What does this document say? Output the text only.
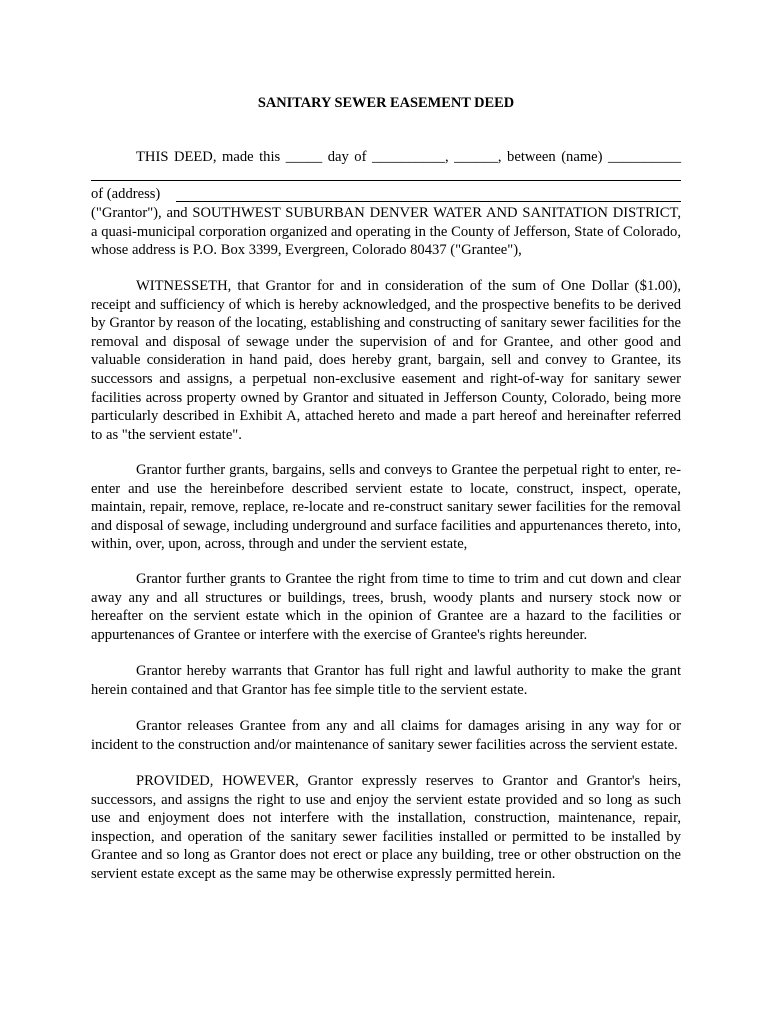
SANITARY SEWER EASEMENT DEED
THIS DEED, made this _____ day of __________, ______, between (name) __________
of (address)
("Grantor"), and SOUTHWEST SUBURBAN DENVER WATER AND SANITATION DISTRICT,
a quasi-municipal corporation organized and operating in the County of Jefferson, State of Colorado,
whose address is P.O. Box 3399, Evergreen, Colorado 80437 ("Grantee"),

WITNESSETH, that Grantor for and in consideration of the sum of One Dollar ($1.00), receipt and sufficiency of which is hereby acknowledged, and the prospective benefits to be derived by Grantor by reason of the locating, establishing and constructing of sanitary sewer facilities for the removal and disposal of sewage under the supervision of and for Grantee, and other good and valuable consideration in hand paid, does hereby grant, bargain, sell and convey to Grantee, its successors and assigns, a perpetual non-exclusive easement and right-of-way for sanitary sewer facilities across property owned by Grantor and situated in Jefferson County, Colorado, being more particularly described in Exhibit A, attached hereto and made a part hereof and hereinafter referred to as "the servient estate".

Grantor further grants, bargains, sells and conveys to Grantee the perpetual right to enter, re-enter and use the hereinbefore described servient estate to locate, construct, inspect, operate, maintain, repair, remove, replace, re-locate and re-construct sanitary sewer facilities for the removal and disposal of sewage, including underground and surface facilities and appurtenances thereto, into, within, over, upon, across, through and under the servient estate,

Grantor further grants to Grantee the right from time to time to trim and cut down and clear away any and all structures or buildings, trees, brush, woody plants and nursery stock now or hereafter on the servient estate which in the opinion of Grantee are a hazard to the facilities or appurtenances of Grantee or interfere with the exercise of Grantee's rights hereunder.

Grantor hereby warrants that Grantor has full right and lawful authority to make the grant herein contained and that Grantor has fee simple title to the servient estate.

Grantor releases Grantee from any and all claims for damages arising in any way for or incident to the construction and/or maintenance of sanitary sewer facilities across the servient estate.

PROVIDED, HOWEVER, Grantor expressly reserves to Grantor and Grantor's heirs, successors, and assigns the right to use and enjoy the servient estate provided and so long as such use and enjoyment does not interfere with the installation, construction, maintenance, repair, inspection, and operation of the sanitary sewer facilities installed or permitted to be installed by Grantee and so long as Grantor does not erect or place any building, tree or other obstruction on the servient estate except as the same may be otherwise expressly permitted herein.
